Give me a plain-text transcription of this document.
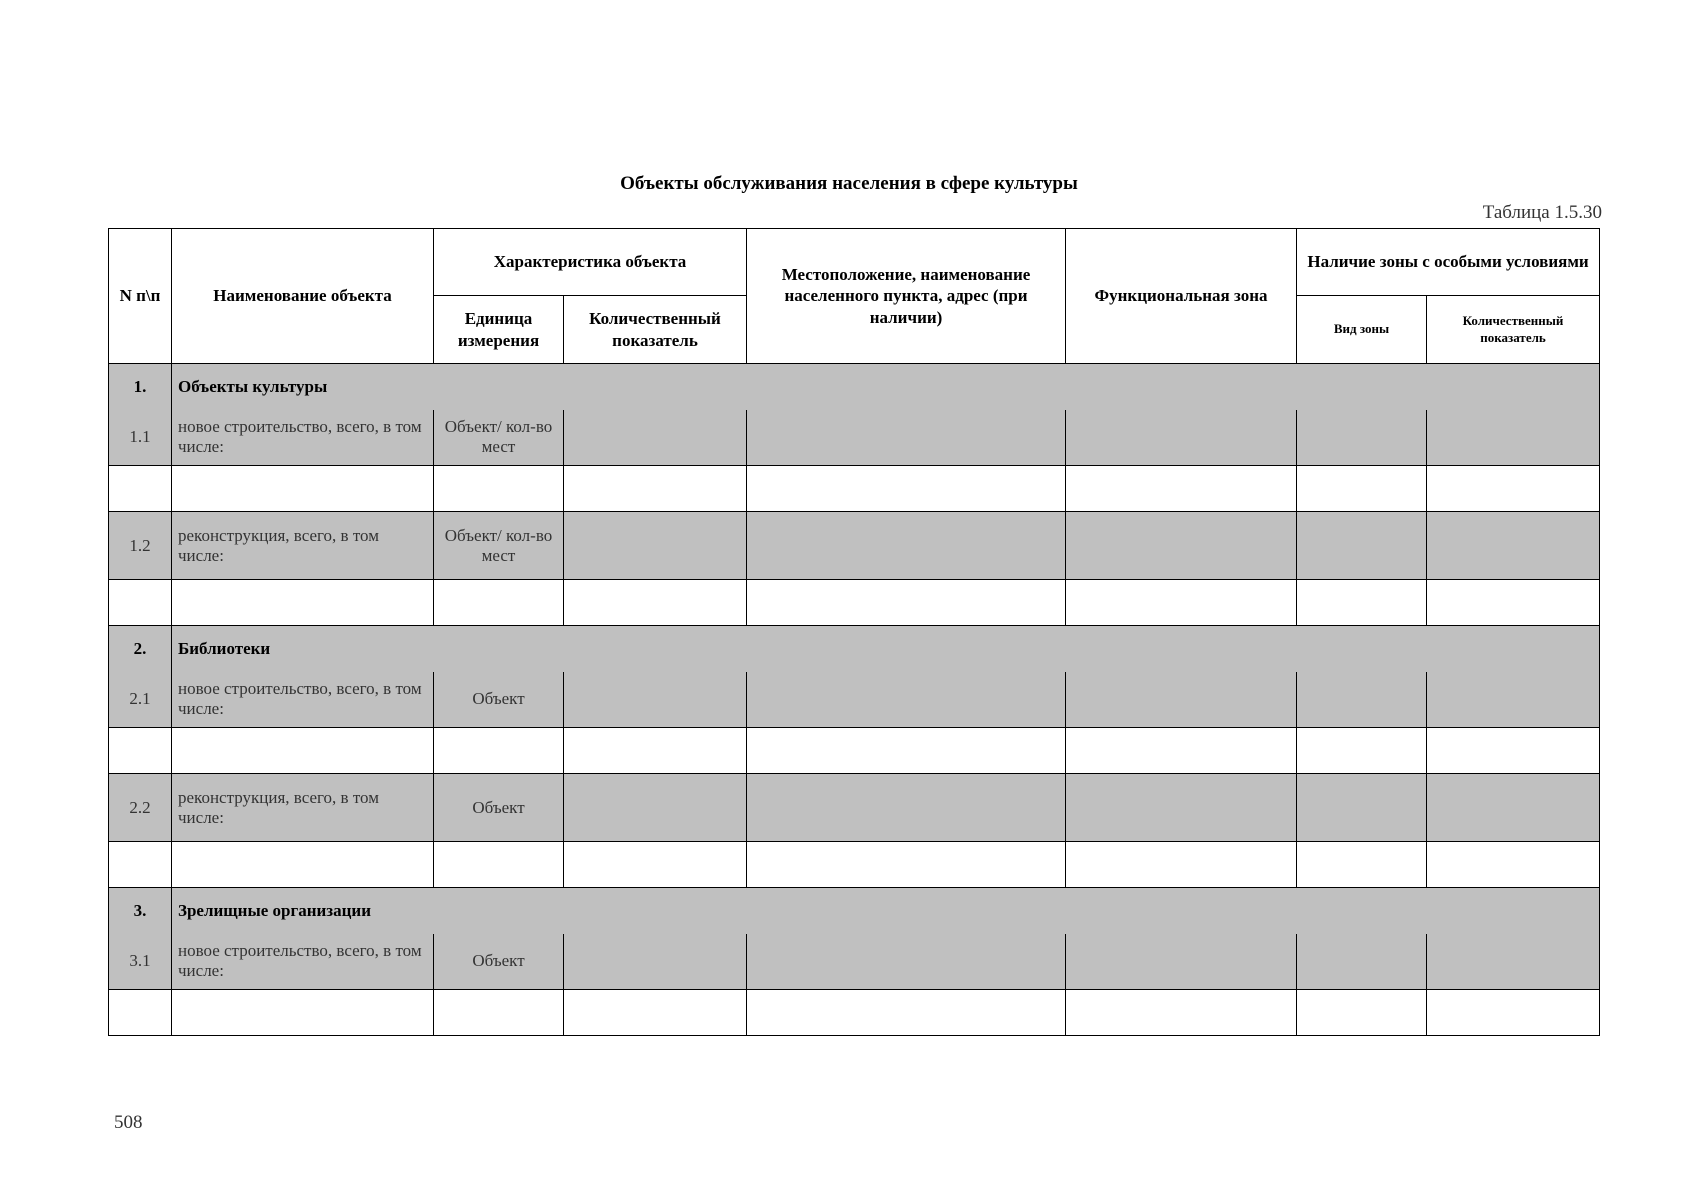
Объекты обслуживания населения в сфере культуры
Таблица 1.5.30
N п\п	Наименование объекта	Характеристика объекта		Местоположение, наименование населенного пункта, адрес (при наличии)	Функциональная зона	Наличие зоны с особыми условиями	
		Единица измерения	Количественный показатель			Вид зоны	Количественный показатель
1.	Объекты культуры						
1.1	новое строительство, всего, в том числе:	Объект/ кол-во мест					

1.2	реконструкция, всего, в том числе:	Объект/ кол-во мест					

2.	Библиотеки						
2.1	новое строительство, всего, в том числе:	Объект					

2.2	реконструкция, всего, в том числе:	Объект					

3.	Зрелищные организации						
3.1	новое строительство, всего, в том числе:	Объект					

508
